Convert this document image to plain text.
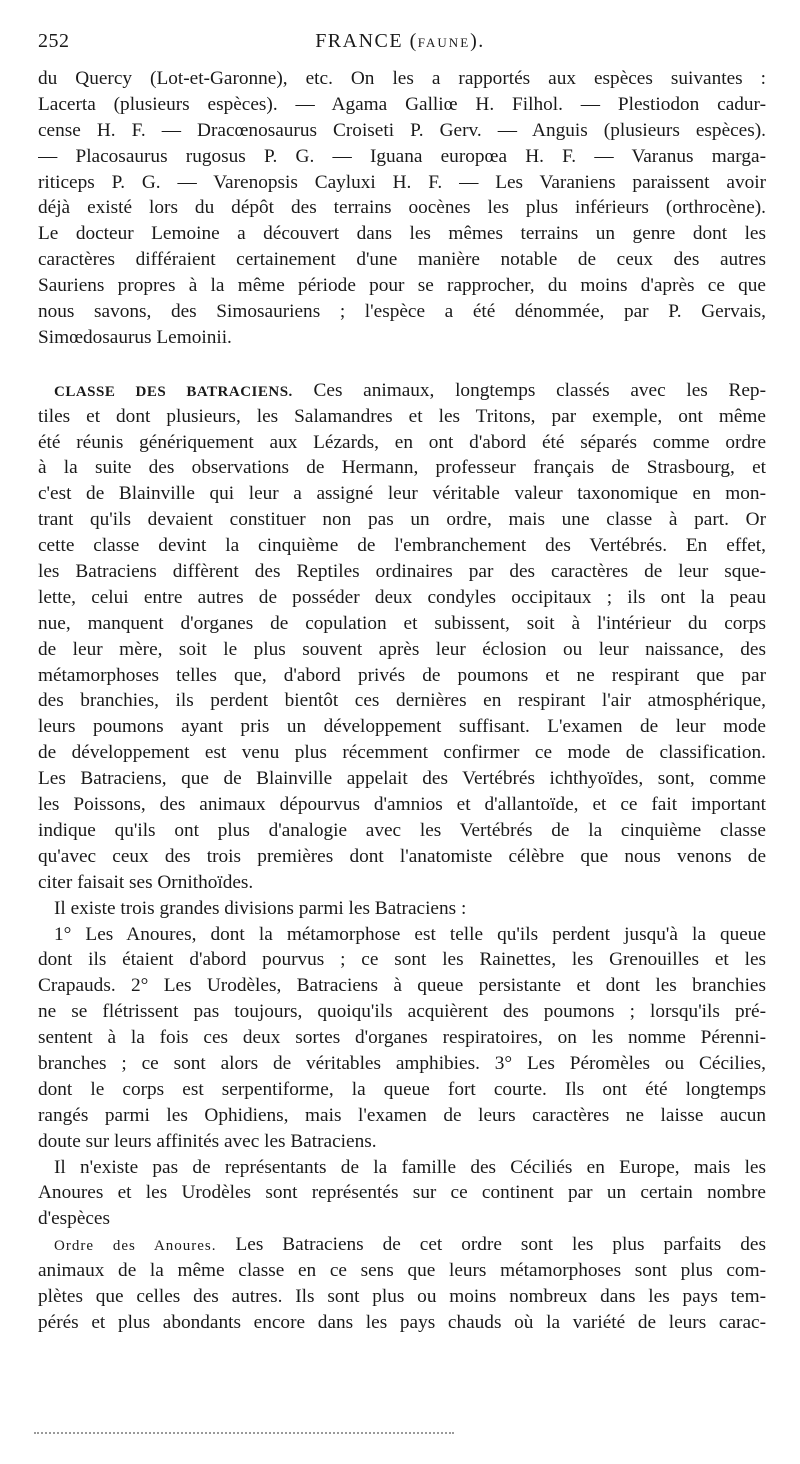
252	FRANCE (FAUNE).
du Quercy (Lot-et-Garonne), etc. On les a rapportés aux espèces suivantes :
Lacerta (plusieurs espèces). — Agama Galliœ H. Filhol. — Plestiodon cadur-
cense H. F. — Dracœnosaurus Croiseti P. Gerv. — Anguis (plusieurs espèces).
— Placosaurus rugosus P. G. — Iguana europœa H. F. — Varanus marga-
riticeps P. G. — Varenopsis Cayluxi H. F. — Les Varaniens paraissent avoir
déjà existé lors du dépôt des terrains oocènes les plus inférieurs (orthrocène).
Le docteur Lemoine a découvert dans les mêmes terrains un genre dont les
caractères différaient certainement d'une manière notable de ceux des autres
Sauriens propres à la même période pour se rapprocher, du moins d'après ce que
nous savons, des Simosauriens ; l'espèce a été dénommée, par P. Gervais,
Simœdosaurus Lemoinii.
CLASSE DES BATRACIENS. Ces animaux, longtemps classés avec les Rep-
tiles et dont plusieurs, les Salamandres et les Tritons, par exemple, ont même
été réunis génériquement aux Lézards, en ont d'abord été séparés comme ordre
à la suite des observations de Hermann, professeur français de Strasbourg, et
c'est de Blainville qui leur a assigné leur véritable valeur taxonomique en mon-
trant qu'ils devaient constituer non pas un ordre, mais une classe à part. Or
cette classe devint la cinquième de l'embranchement des Vertébrés. En effet,
les Batraciens diffèrent des Reptiles ordinaires par des caractères de leur sque-
lette, celui entre autres de posséder deux condyles occipitaux ; ils ont la peau
nue, manquent d'organes de copulation et subissent, soit à l'intérieur du corps
de leur mère, soit le plus souvent après leur éclosion ou leur naissance, des
métamorphoses telles que, d'abord privés de poumons et ne respirant que par
des branchies, ils perdent bientôt ces dernières en respirant l'air atmosphérique,
leurs poumons ayant pris un développement suffisant. L'examen de leur mode
de développement est venu plus récemment confirmer ce mode de classification.
Les Batraciens, que de Blainville appelait des Vertébrés ichthyoïdes, sont, comme
les Poissons, des animaux dépourvus d'amnios et d'allantoïde, et ce fait important
indique qu'ils ont plus d'analogie avec les Vertébrés de la cinquième classe
qu'avec ceux des trois premières dont l'anatomiste célèbre que nous venons de
citer faisait ses Ornithoïdes.
Il existe trois grandes divisions parmi les Batraciens :
1° Les Anoures, dont la métamorphose est telle qu'ils perdent jusqu'à la queue
dont ils étaient d'abord pourvus ; ce sont les Rainettes, les Grenouilles et les
Crapauds. 2° Les Urodèles, Batraciens à queue persistante et dont les branchies
ne se flétrissent pas toujours, quoiqu'ils acquièrent des poumons ; lorsqu'ils pré-
sentent à la fois ces deux sortes d'organes respiratoires, on les nomme Pérenni-
branches ; ce sont alors de véritables amphibies. 3° Les Péromèles ou Cécilies,
dont le corps est serpentiforme, la queue fort courte. Ils ont été longtemps
rangés parmi les Ophidiens, mais l'examen de leurs caractères ne laisse aucun
doute sur leurs affinités avec les Batraciens.
Il n'existe pas de représentants de la famille des Céciliés en Europe, mais les
Anoures et les Urodèles sont représentés sur ce continent par un certain nombre
d'espèces
Ordre des Anoures. Les Batraciens de cet ordre sont les plus parfaits des
animaux de la même classe en ce sens que leurs métamorphoses sont plus com-
plètes que celles des autres. Ils sont plus ou moins nombreux dans les pays tem-
pérés et plus abondants encore dans les pays chauds où la variété de leurs carac-
